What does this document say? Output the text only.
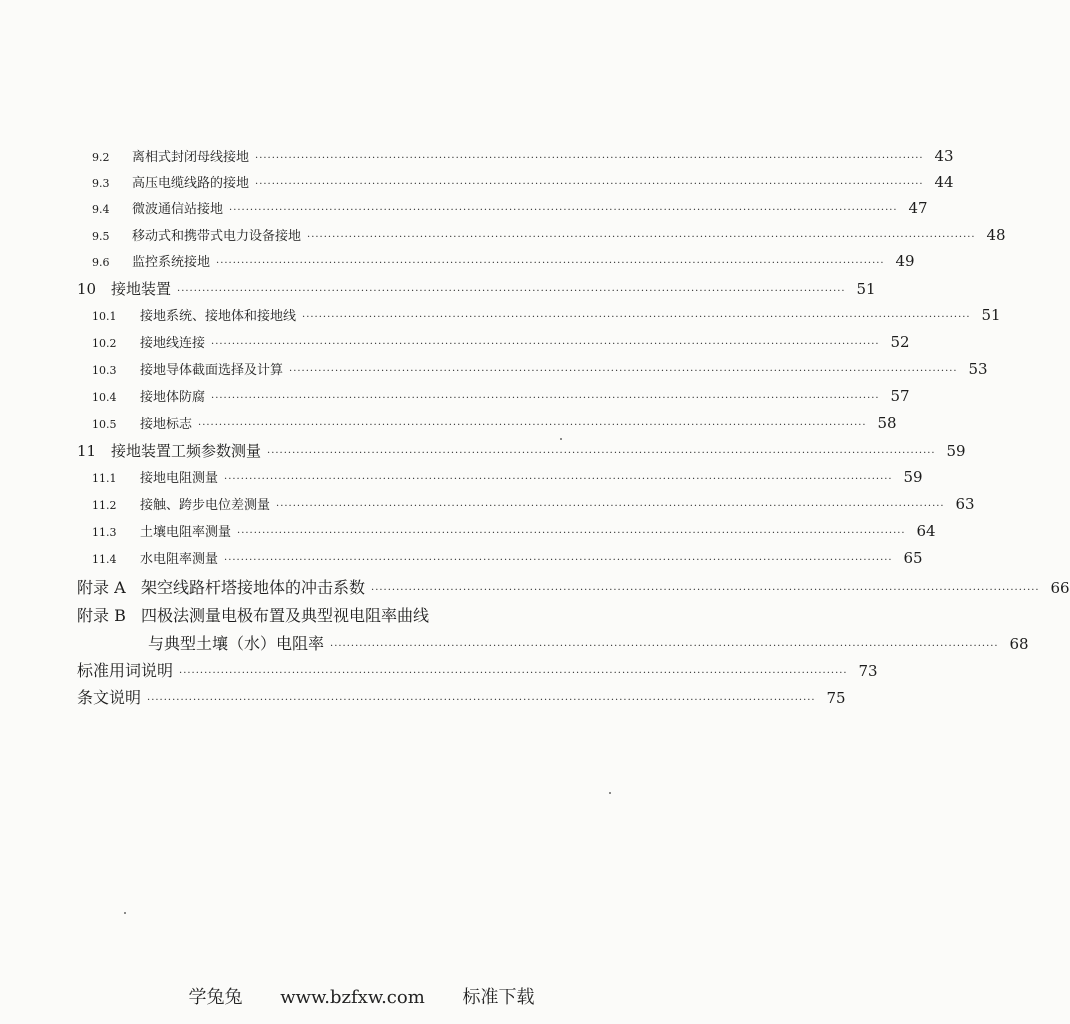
9.2	离相式封闭母线接地 ································································································································································ 43
9.3	高压电缆线路的接地 ································································································································································ 44
9.4	微波通信站接地 ································································································································································ 47
9.5	移动式和携带式电力设备接地 ································································································································································ 48
9.6	监控系统接地 ································································································································································ 49
10 接地装置 ································································································································································ 51
10.1	接地系统、接地体和接地线 ································································································································································ 51
10.2	接地线连接 ································································································································································ 52
10.3	接地导体截面选择及计算 ································································································································································ 53
10.4	接地体防腐 ································································································································································ 57
10.5	接地标志 ································································································································································ 58
11 接地装置工频参数测量 ································································································································································ 59
11.1	接地电阻测量 ································································································································································ 59
11.2	接触、跨步电位差测量 ································································································································································ 63
11.3	土壤电阻率测量 ································································································································································ 64
11.4	水电阻率测量 ································································································································································ 65
附录 A 架空线路杆塔接地体的冲击系数 ································································································································································ 66
附录 B 四极法测量电极布置及典型视电阻率曲线
与典型土壤（水）电阻率 ································································································································································ 68
标准用词说明 ································································································································································ 73
条文说明 ································································································································································ 75
学兔兔 www.bzfxw.com 标准下载
